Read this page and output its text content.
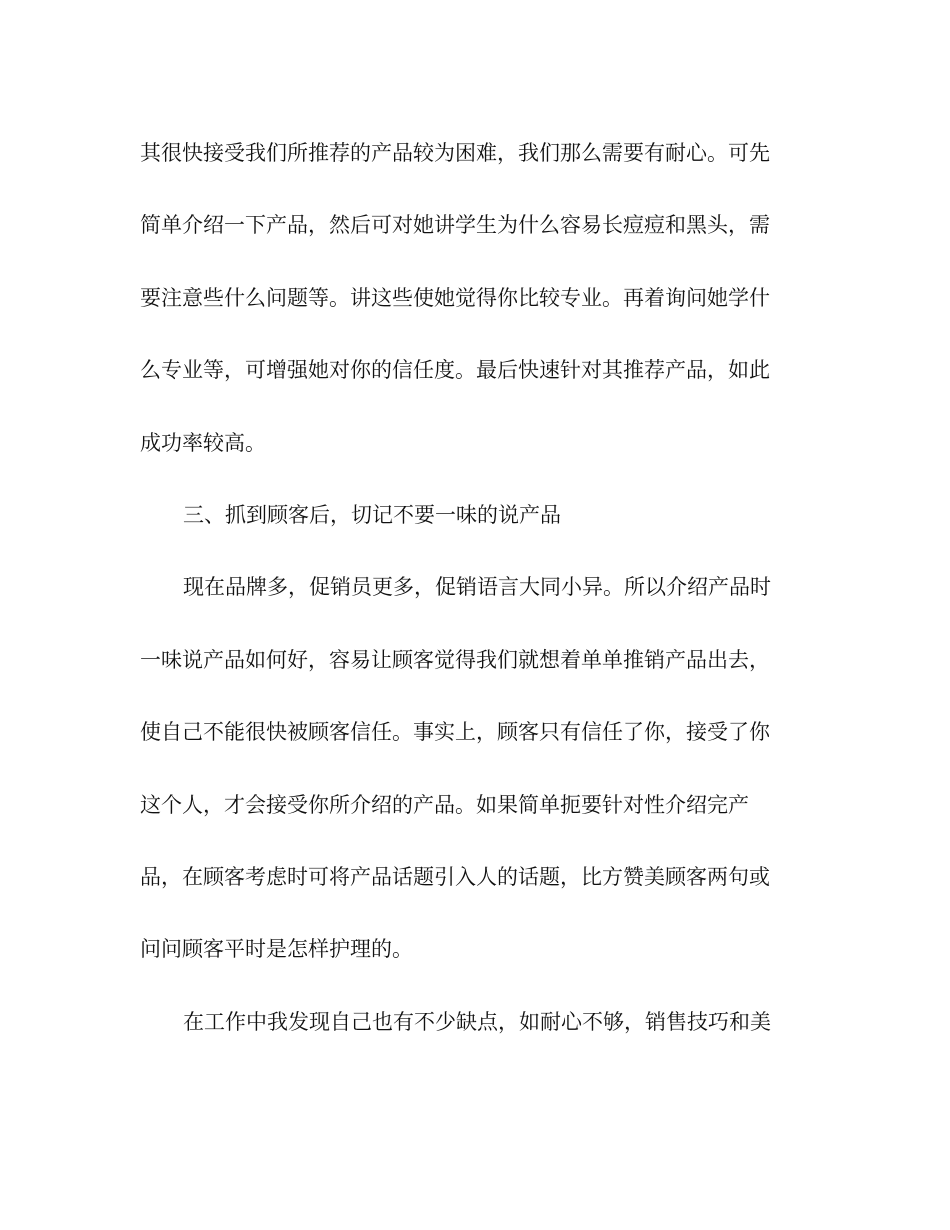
其很快接受我们所推荐的产品较为困难，我们那么需要有耐心。可先
简单介绍一下产品，然后可对她讲学生为什么容易长痘痘和黑头，需
要注意些什么问题等。讲这些使她觉得你比较专业。再着询问她学什
么专业等，可增强她对你的信任度。最后快速针对其推荐产品，如此
成功率较高。
三、抓到顾客后，切记不要一味的说产品
现在品牌多，促销员更多，促销语言大同小异。所以介绍产品时
一味说产品如何好，容易让顾客觉得我们就想着单单推销产品出去，
使自己不能很快被顾客信任。事实上，顾客只有信任了你，接受了你
这个人，才会接受你所介绍的产品。如果简单扼要针对性介绍完产
品，在顾客考虑时可将产品话题引入人的话题，比方赞美顾客两句或
问问顾客平时是怎样护理的。
在工作中我发现自己也有不少缺点，如耐心不够，销售技巧和美
